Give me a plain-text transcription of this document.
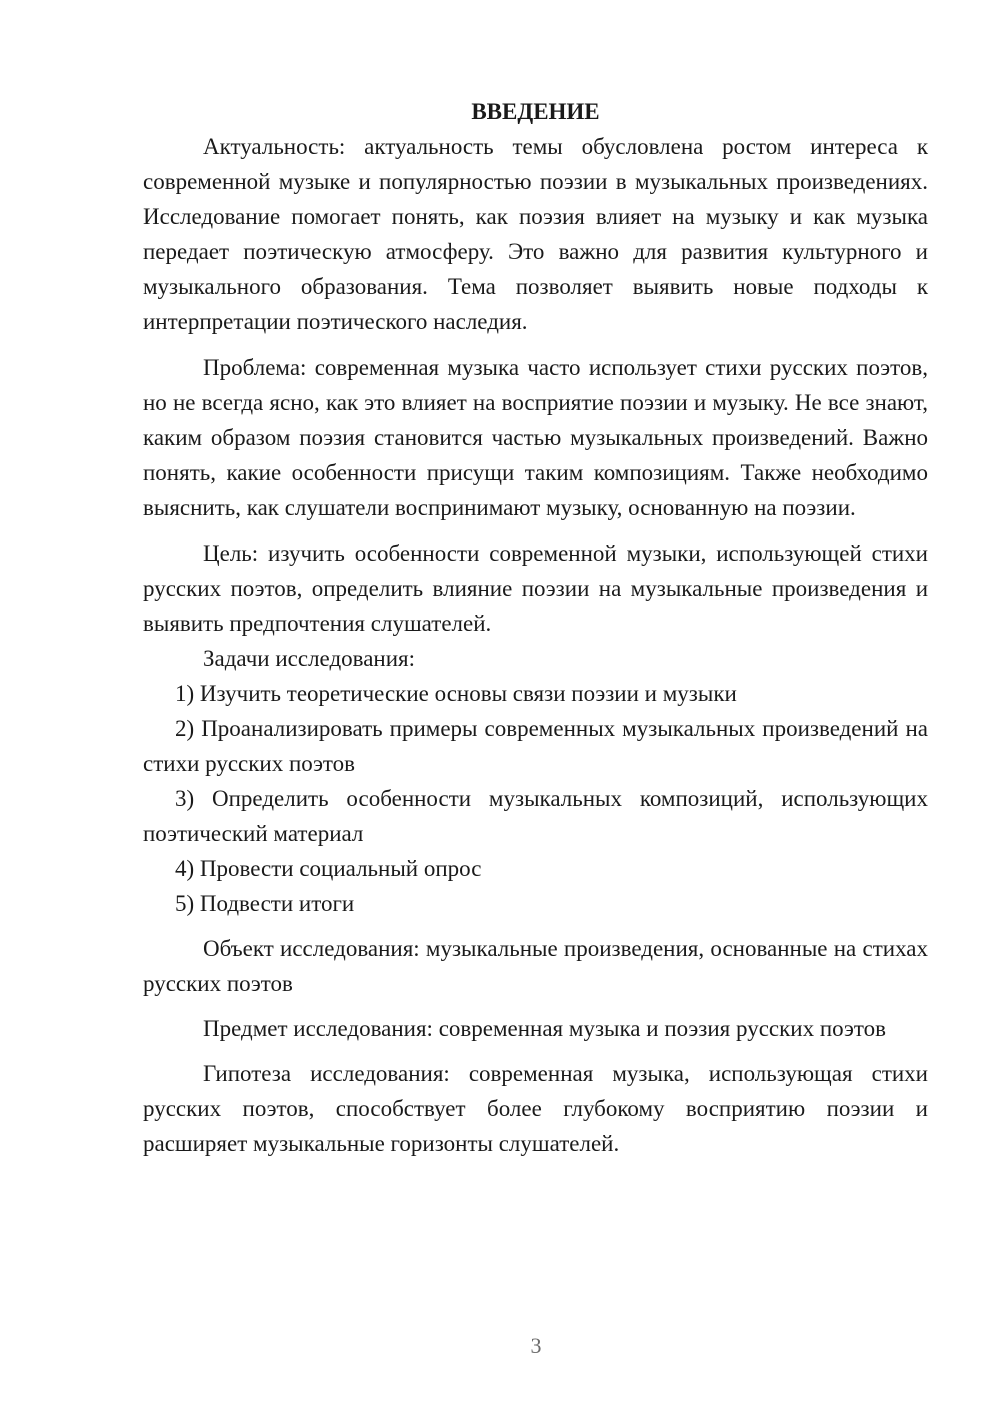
ВВЕДЕНИЕ

Актуальность: актуальность темы обусловлена ростом интереса к современной музыке и популярностью поэзии в музыкальных произведениях. Исследование помогает понять, как поэзия влияет на музыку и как музыка передает поэтическую атмосферу. Это важно для развития культурного и музыкального образования. Тема позволяет выявить новые подходы к интерпретации поэтического наследия.

Проблема: современная музыка часто использует стихи русских поэтов, но не всегда ясно, как это влияет на восприятие поэзии и музыку. Не все знают, каким образом поэзия становится частью музыкальных произведений. Важно понять, какие особенности присущи таким композициям. Также необходимо выяснить, как слушатели воспринимают музыку, основанную на поэзии.

Цель: изучить особенности современной музыки, использующей стихи русских поэтов, определить влияние поэзии на музыкальные произведения и выявить предпочтения слушателей.

Задачи исследования:

1) Изучить теоретические основы связи поэзии и музыки

2) Проанализировать примеры современных музыкальных произведений на стихи русских поэтов

3) Определить особенности музыкальных композиций, использующих поэтический материал

4) Провести социальный опрос

5) Подвести итоги

Объект исследования: музыкальные произведения, основанные на стихах русских поэтов

Предмет исследования: современная музыка и поэзия русских поэтов

Гипотеза исследования: современная музыка, использующая стихи русских поэтов, способствует более глубокому восприятию поэзии и расширяет музыкальные горизонты слушателей.

3
